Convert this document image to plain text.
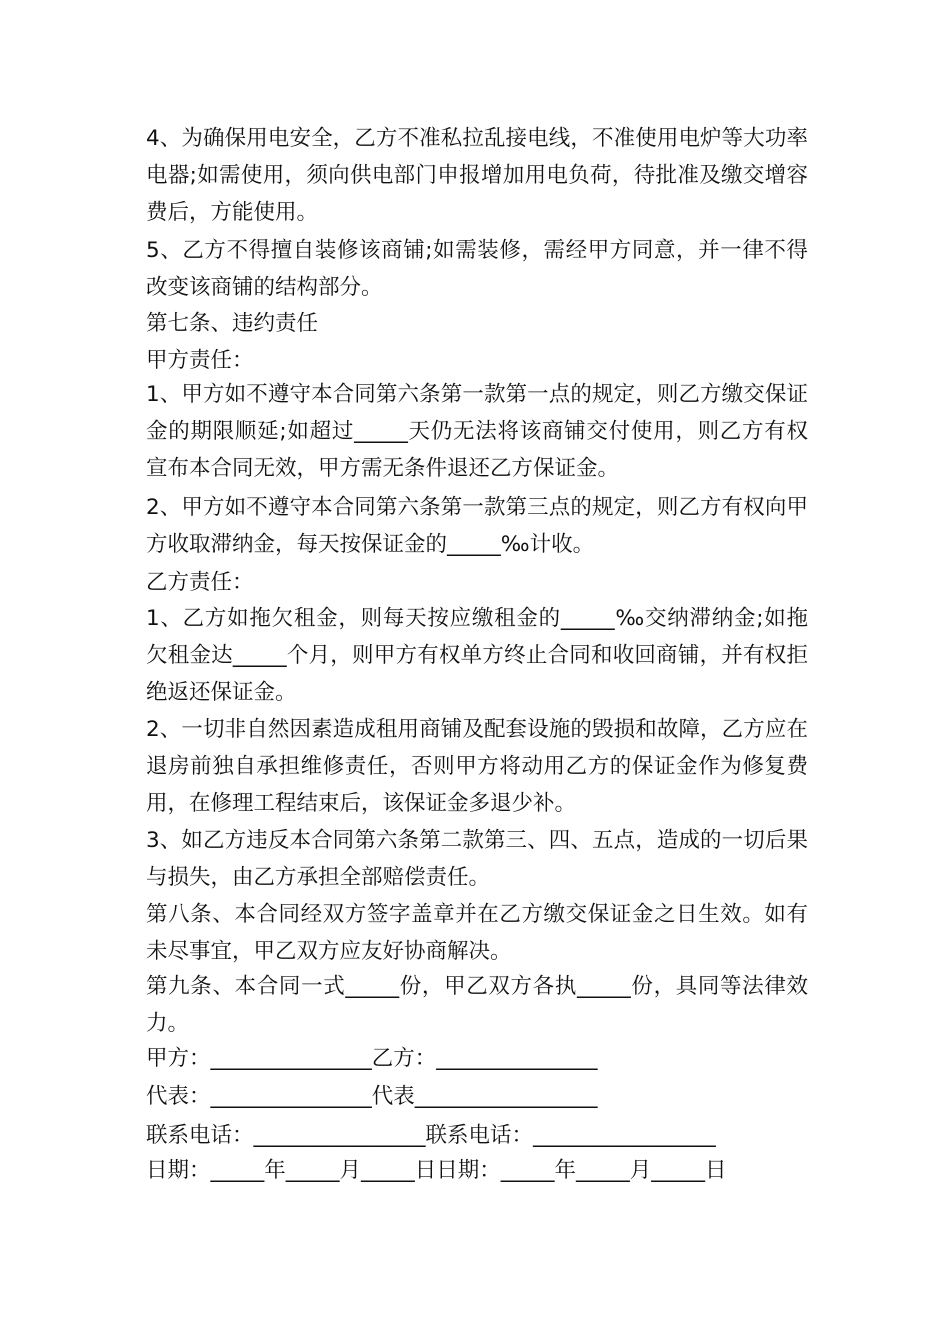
4、为确保用电安全，乙方不准私拉乱接电线，不准使用电炉等大功率电器;如需使用，须向供电部门申报增加用电负荷，待批准及缴交增容费后，方能使用。

5、乙方不得擅自装修该商铺;如需装修，需经甲方同意，并一律不得改变该商铺的结构部分。

第七条、违约责任

甲方责任：

1、甲方如不遵守本合同第六条第一款第一点的规定，则乙方缴交保证金的期限顺延;如超过_____天仍无法将该商铺交付使用，则乙方有权宣布本合同无效，甲方需无条件退还乙方保证金。

2、甲方如不遵守本合同第六条第一款第三点的规定，则乙方有权向甲方收取滞纳金，每天按保证金的_____‰计收。

乙方责任：

1、乙方如拖欠租金，则每天按应缴租金的_____‰交纳滞纳金;如拖欠租金达_____个月，则甲方有权单方终止合同和收回商铺，并有权拒绝返还保证金。

2、一切非自然因素造成租用商铺及配套设施的毁损和故障，乙方应在退房前独自承担维修责任，否则甲方将动用乙方的保证金作为修复费用，在修理工程结束后，该保证金多退少补。

3、如乙方违反本合同第六条第二款第三、四、五点，造成的一切后果与损失，由乙方承担全部赔偿责任。

第八条、本合同经双方签字盖章并在乙方缴交保证金之日生效。如有未尽事宜，甲乙双方应友好协商解决。

第九条、本合同一式_____份，甲乙双方各执_____份，具同等法律效力。

甲方：_______________乙方：_______________

代表：_______________代表_________________

联系电话：________________联系电话：_________________

日期：_____年_____月_____日日期：_____年_____月_____日
